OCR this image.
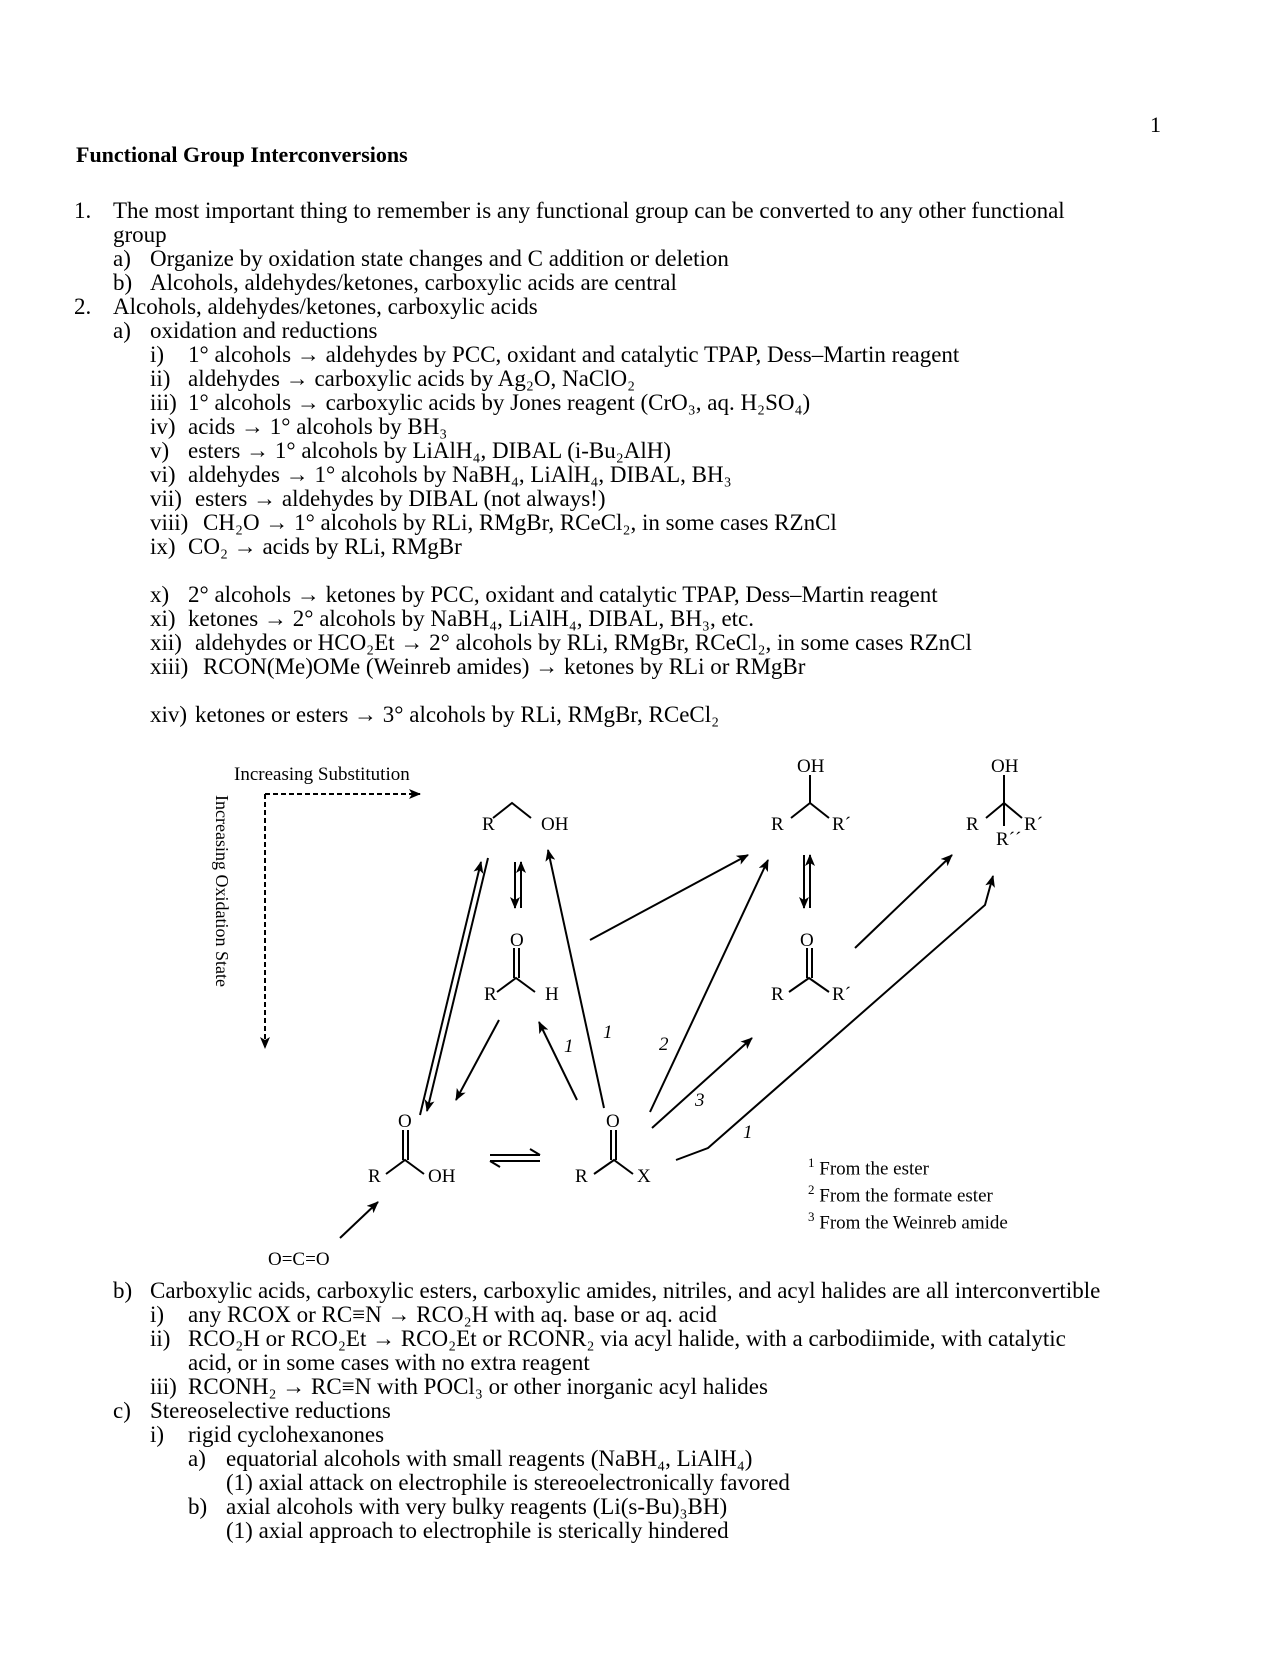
1
Functional Group Interconversions
1. The most important thing to remember is any functional group can be converted to any other functional
group
a) Organize by oxidation state changes and C addition or deletion
b) Alcohols, aldehydes/ketones, carboxylic acids are central
2. Alcohols, aldehydes/ketones, carboxylic acids
a) oxidation and reductions
i) 1° alcohols → aldehydes by PCC, oxidant and catalytic TPAP, Dess–Martin reagent
ii) aldehydes → carboxylic acids by Ag₂O, NaClO₂
iii) 1° alcohols → carboxylic acids by Jones reagent (CrO₃, aq. H₂SO₄)
iv) acids → 1° alcohols by BH₃
v) esters → 1° alcohols by LiAlH₄, DIBAL (i-Bu₂AlH)
vi) aldehydes → 1° alcohols by NaBH₄, LiAlH₄, DIBAL, BH₃
vii) esters → aldehydes by DIBAL (not always!)
viii) CH₂O → 1° alcohols by RLi, RMgBr, RCeCl₂, in some cases RZnCl
ix) CO₂ → acids by RLi, RMgBr
x) 2° alcohols → ketones by PCC, oxidant and catalytic TPAP, Dess–Martin reagent
xi) ketones → 2° alcohols by NaBH₄, LiAlH₄, DIBAL, BH₃, etc.
xii) aldehydes or HCO₂Et → 2° alcohols by RLi, RMgBr, RCeCl₂, in some cases RZnCl
xiii) RCON(Me)OMe (Weinreb amides) → ketones by RLi or RMgBr
xiv) ketones or esters → 3° alcohols by RLi, RMgBr, RCeCl₂
Increasing Substitution
Increasing Oxidation State	R OH
O
R	H
OH
R	R´
O
R	R´
OH
R R´
R´´
O
R OH
O
R	X
O=C=O
1
1
2
3
1
$^1$ From the ester
$^2$ From the formate ester
$^3$ From the Weinreb amide
b) Carboxylic acids, carboxylic esters, carboxylic amides, nitriles, and acyl halides are all interconvertible
i) any RCOX or RC≡N → RCO₂H with aq. base or aq. acid
ii) RCO₂H or RCO₂Et → RCO₂Et or RCONR₂ via acyl halide, with a carbodiimide, with catalytic
acid, or in some cases with no extra reagent
iii) RCONH₂ → RC≡N with POCl₃ or other inorganic acyl halides
c) Stereoselective reductions
i) rigid cyclohexanones
a) equatorial alcohols with small reagents (NaBH₄, LiAlH₄)
(1) axial attack on electrophile is stereoelectronically favored
b) axial alcohols with very bulky reagents (Li(s-Bu)₃BH)
(1) axial approach to electrophile is sterically hindered
